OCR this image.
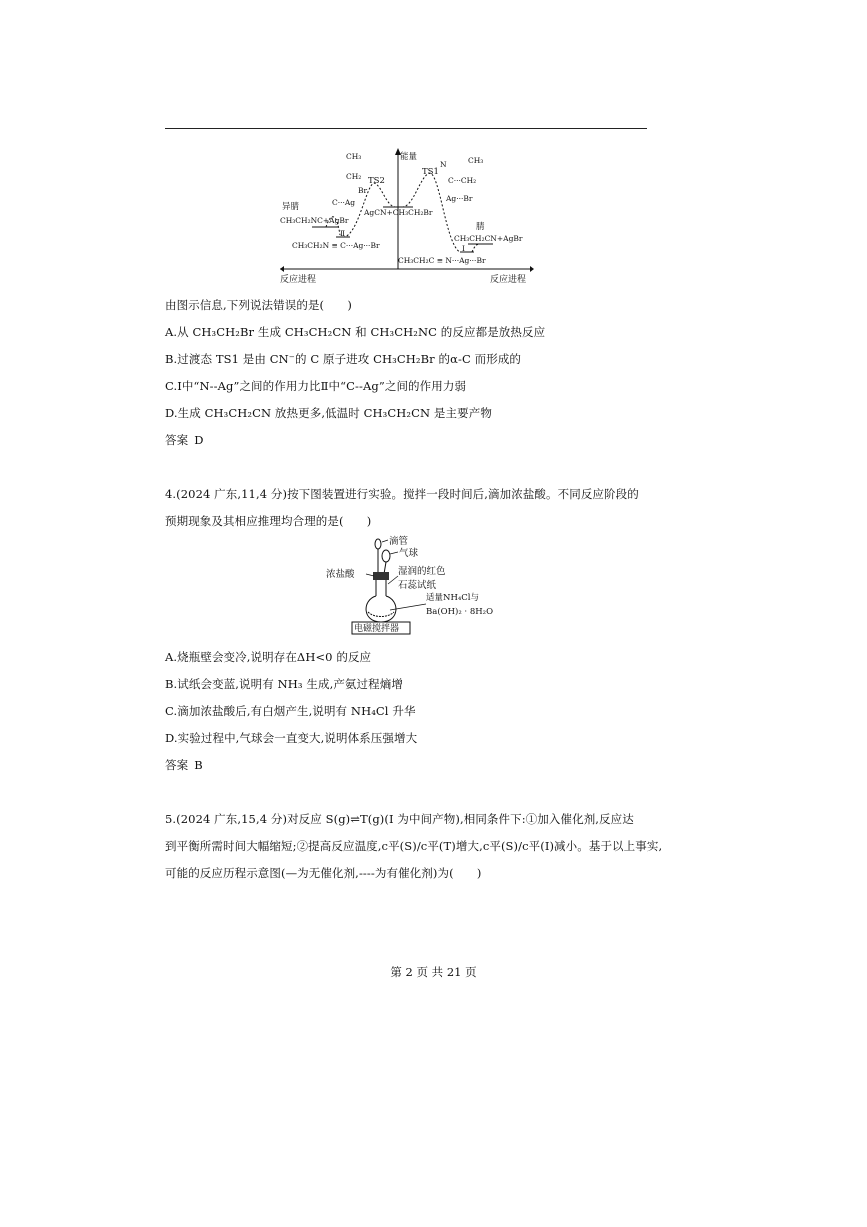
CH₃
CH₂
Br
C···Ag
TS2
异腈
CH₃CH₂NC+AgBr
Ⅱ
CH₃CH₂N ≡ C···Ag···Br
AgCN+CH₃CH₂Br
能量
TS1
N	CH₃
C···CH₂
Ag···Br
腈
CH₃CH₂CN+AgBr
Ⅰ
CH₃CH₂C ≡ N···Ag···Br
反应进程	反应进程
由图示信息,下列说法错误的是(　　)
A.从 CH₃CH₂Br 生成 CH₃CH₂CN 和 CH₃CH₂NC 的反应都是放热反应
B.过渡态 TS1 是由 CN⁻的 C 原子进攻 CH₃CH₂Br 的α-C 而形成的
C.Ⅰ中“N--Ag”之间的作用力比Ⅱ中“C--Ag”之间的作用力弱
D.生成 CH₃CH₂CN 放热更多,低温时 CH₃CH₂CN 是主要产物
答案 D
4.(2024 广东,11,4 分)按下图装置进行实验。搅拌一段时间后,滴加浓盐酸。不同反应阶段的
预期现象及其相应推理均合理的是(　　)
滴管
气球
浓盐酸	湿润的红色
石蕊试纸
适量NH₄Cl与
Ba(OH)₂ · 8H₂O
电磁搅拌器
A.烧瓶壁会变冷,说明存在ΔH<0 的反应
B.试纸会变蓝,说明有 NH₃ 生成,产氨过程熵增
C.滴加浓盐酸后,有白烟产生,说明有 NH₄Cl 升华
D.实验过程中,气球会一直变大,说明体系压强增大
答案 B
5.(2024 广东,15,4 分)对反应 S(g)⇌T(g)(I 为中间产物),相同条件下:①加入催化剂,反应达
到平衡所需时间大幅缩短;②提高反应温度,c平(S)/c平(T)增大,c平(S)/c平(I)减小。基于以上事实,
可能的反应历程示意图(—为无催化剂,----为有催化剂)为(　　)
第 2 页 共 21 页
